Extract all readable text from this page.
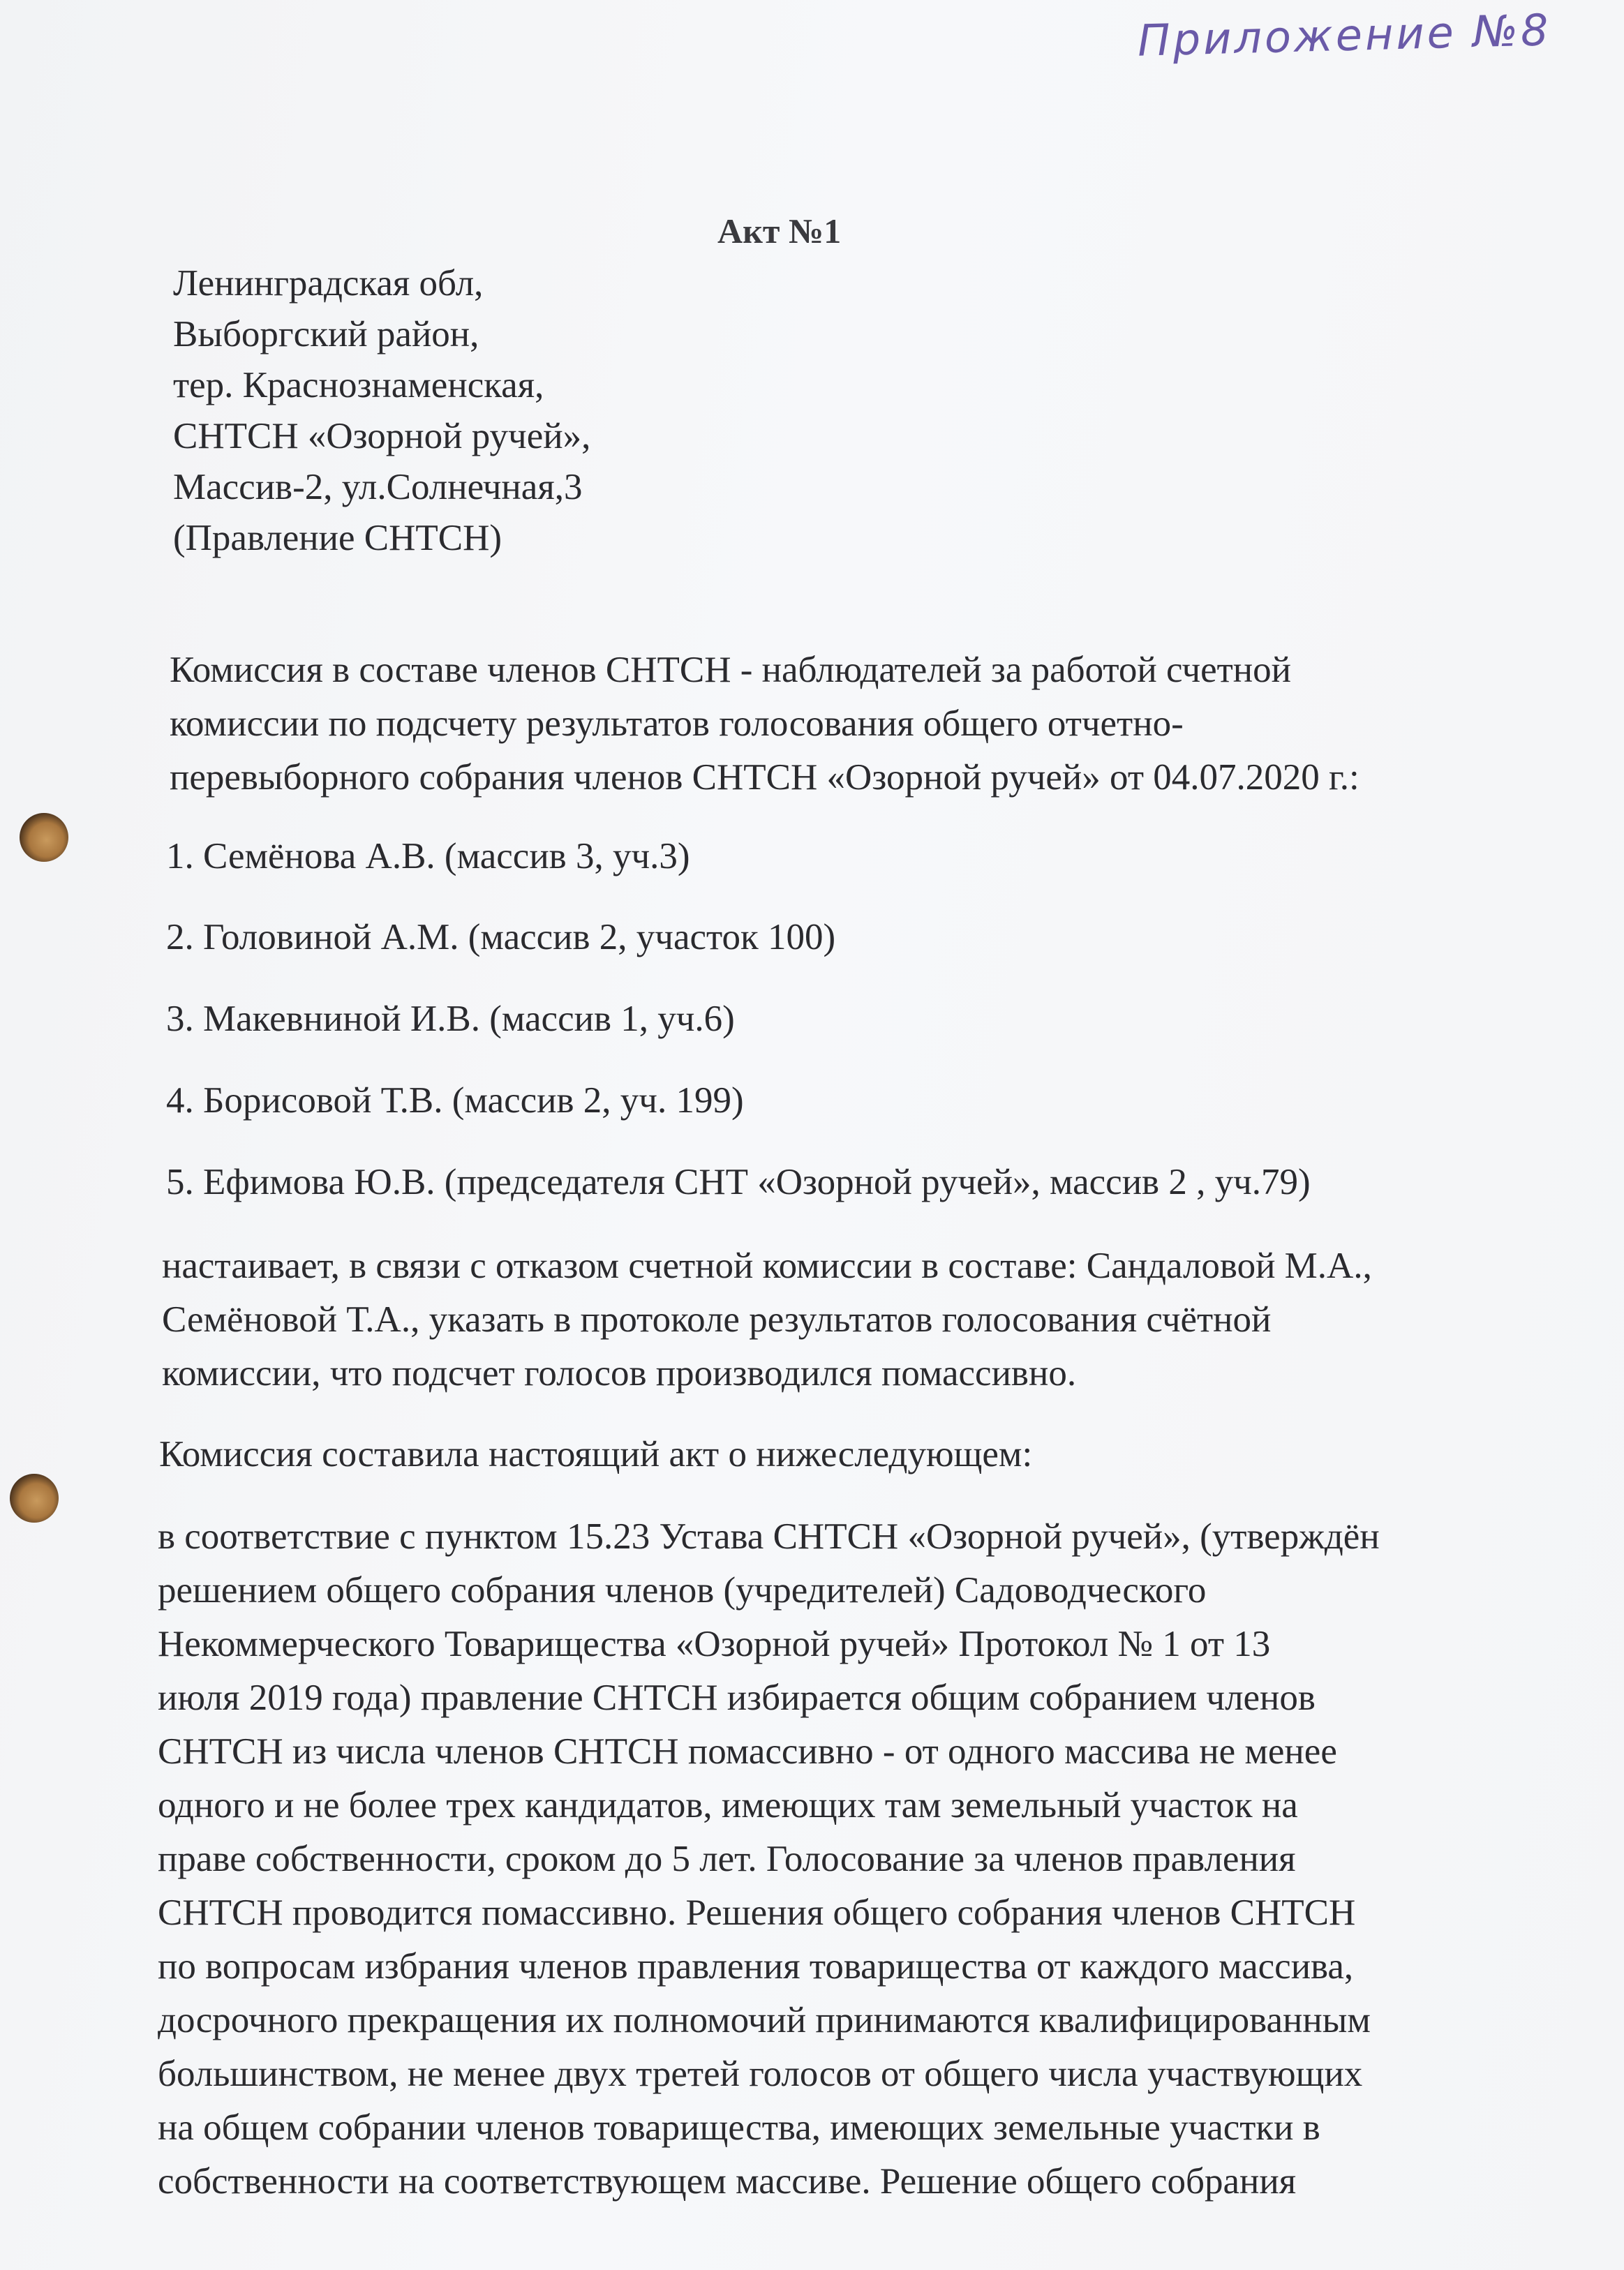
Приложение №8
Акт №1
Ленинградская обл,
Выборгский район,
тер. Краснознаменская,
СНТСН «Озорной ручей»,
Массив-2, ул.Солнечная,3
(Правление СНТСН)
Комиссия в составе членов СНТСН - наблюдателей за работой счетной
комиссии по подсчету результатов голосования общего отчетно-
перевыборного собрания членов СНТСН «Озорной ручей» от 04.07.2020 г.:
1. Семёнова А.В. (массив 3, уч.3)
2. Головиной А.М. (массив 2, участок 100)
3. Макевниной И.В. (массив 1, уч.6)
4. Борисовой Т.В. (массив 2, уч. 199)
5. Ефимова Ю.В. (председателя СНТ «Озорной ручей», массив 2 , уч.79)
настаивает, в связи с отказом счетной комиссии в составе: Сандаловой М.А.,
Семёновой Т.А., указать в протоколе результатов голосования счётной
комиссии, что подсчет голосов производился помассивно.
Комиссия составила настоящий акт о нижеследующем:
в соответствие с пунктом 15.23 Устава СНТСН «Озорной ручей», (утверждён
решением общего собрания членов (учредителей) Садоводческого
Некоммерческого Товарищества «Озорной ручей» Протокол № 1 от 13
июля 2019 года) правление СНТСН избирается общим собранием членов
СНТСН из числа членов СНТСН помассивно - от одного массива не менее
одного и не более трех кандидатов, имеющих там земельный участок на
праве собственности, сроком до 5 лет. Голосование за членов правления
СНТСН проводится помассивно. Решения общего собрания членов СНТСН
по вопросам избрания членов правления товарищества от каждого массива,
досрочного прекращения их полномочий принимаются квалифицированным
большинством, не менее двух третей голосов от общего числа участвующих
на общем собрании членов товарищества, имеющих земельные участки в
собственности на соответствующем массиве. Решение общего собрания
